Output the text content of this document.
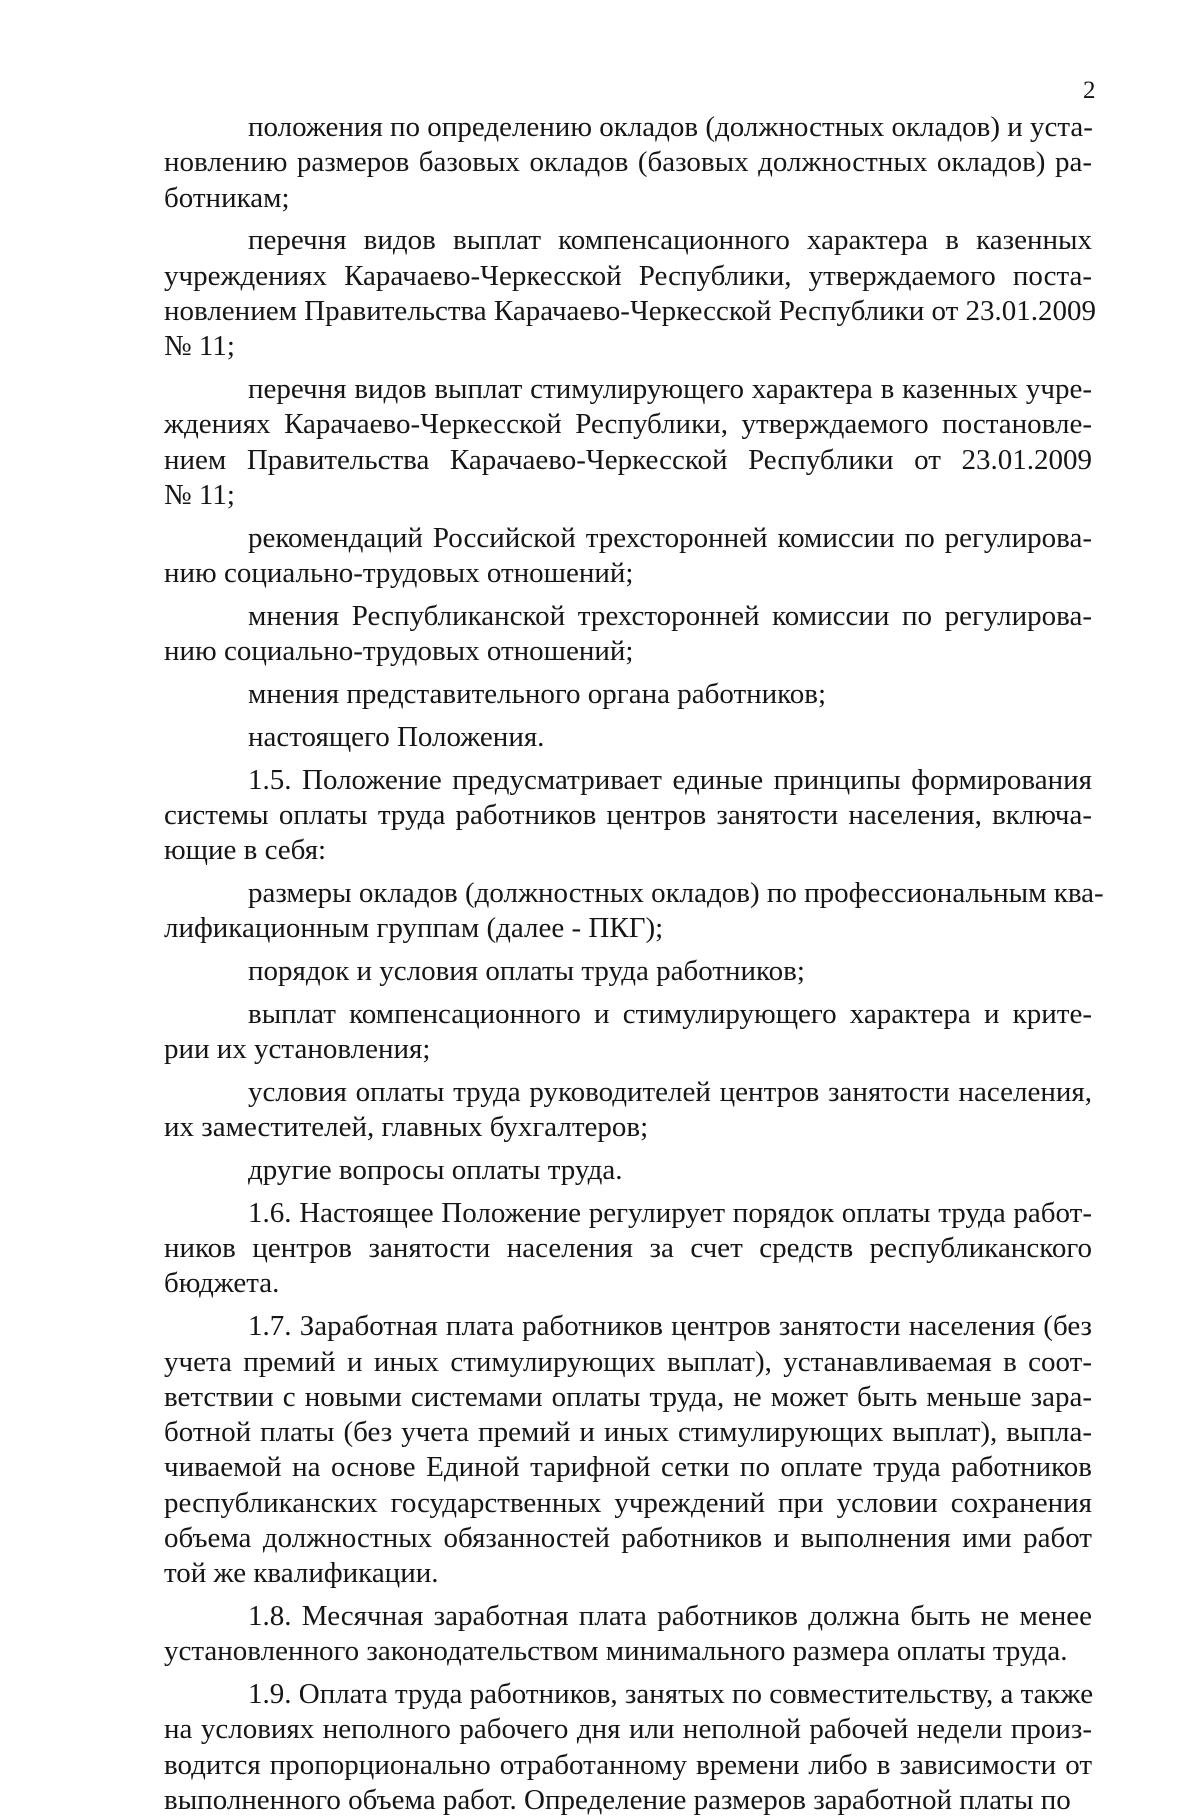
2

положения по определению окладов (должностных окладов) и уста-
новлению размеров базовых окладов (базовых должностных окладов) ра-
ботникам;

перечня видов выплат компенсационного характера в казенных
учреждениях Карачаево-Черкесской Республики, утверждаемого поста-
новлением Правительства Карачаево-Черкесской Республики от 23.01.2009
№ 11;

перечня видов выплат стимулирующего характера в казенных учре-
ждениях Карачаево-Черкесской Республики, утверждаемого постановле-
нием Правительства Карачаево-Черкесской Республики от 23.01.2009
№ 11;

рекомендаций Российской трехсторонней комиссии по регулирова-
нию социально-трудовых отношений;

мнения Республиканской трехсторонней комиссии по регулирова-
нию социально-трудовых отношений;

мнения представительного органа работников;

настоящего Положения.

1.5. Положение предусматривает единые принципы формирования
системы оплаты труда работников центров занятости населения, включа-
ющие в себя:

размеры окладов (должностных окладов) по профессиональным ква-
лификационным группам (далее - ПКГ);

порядок и условия оплаты труда работников;

выплат компенсационного и стимулирующего характера и крите-
рии их установления;

условия оплаты труда руководителей центров занятости населения,
их заместителей, главных бухгалтеров;

другие вопросы оплаты труда.

1.6. Настоящее Положение регулирует порядок оплаты труда работ-
ников центров занятости населения за счет средств республиканского
бюджета.

1.7. Заработная плата работников центров занятости населения (без
учета премий и иных стимулирующих выплат), устанавливаемая в соот-
ветствии с новыми системами оплаты труда, не может быть меньше зара-
ботной платы (без учета премий и иных стимулирующих выплат), выпла-
чиваемой на основе Единой тарифной сетки по оплате труда работников
республиканских государственных учреждений при условии сохранения
объема должностных обязанностей работников и выполнения ими работ
той же квалификации.

1.8. Месячная заработная плата работников должна быть не менее
установленного законодательством минимального размера оплаты труда.

1.9. Оплата труда работников, занятых по совместительству, а также
на условиях неполного рабочего дня или неполной рабочей недели произ-
водится пропорционально отработанному времени либо в зависимости от
выполненного объема работ. Определение размеров заработной платы по
